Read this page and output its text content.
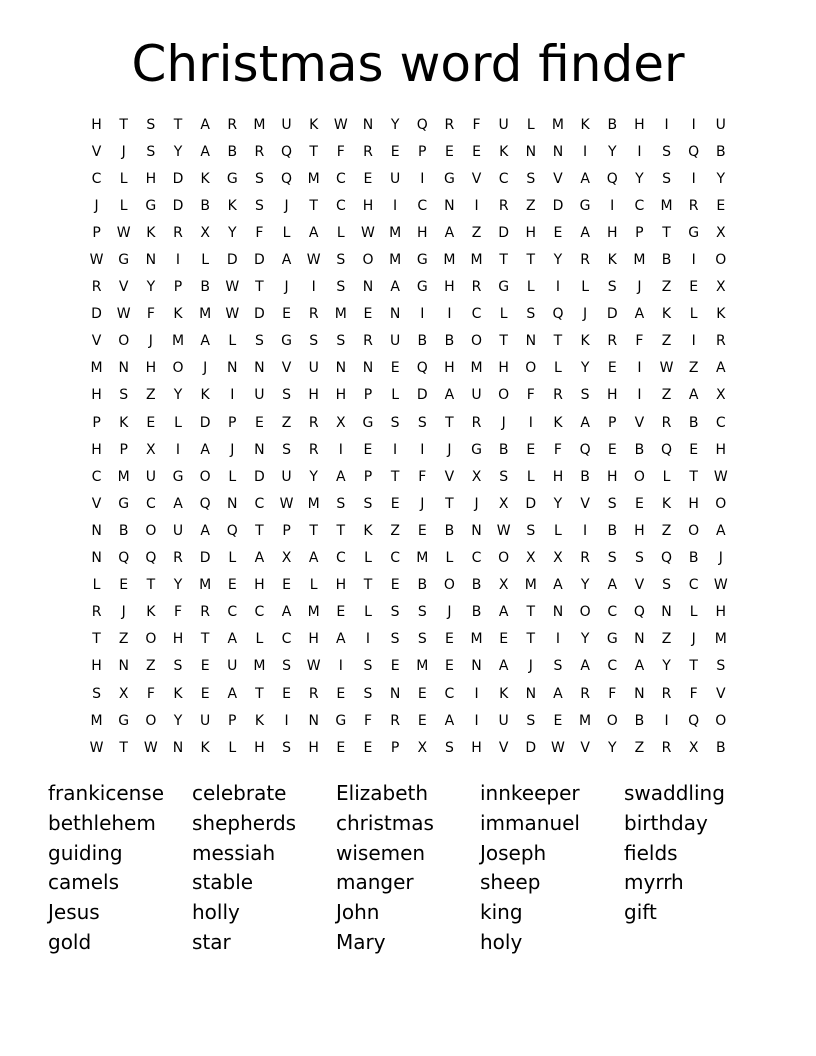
Christmas word finder
H	T	S	T	A	R	M	U	K	W	N	Y	Q	R	F	U	L	M	K	B	H	I	I	U
V	J	S	Y	A	B	R	Q	T	F	R	E	P	E	E	K	N	N	I	Y	I	S	Q	B
C	L	H	D	K	G	S	Q	M	C	E	U	I	G	V	C	S	V	A	Q	Y	S	I	Y
J	L	G	D	B	K	S	J	T	C	H	I	C	N	I	R	Z	D	G	I	C	M	R	E
P	W	K	R	X	Y	F	L	A	L	W	M	H	A	Z	D	H	E	A	H	P	T	G	X
W	G	N	I	L	D	D	A	W	S	O	M	G	M	M	T	T	Y	R	K	M	B	I	O
R	V	Y	P	B	W	T	J	I	S	N	A	G	H	R	G	L	I	L	S	J	Z	E	X
D	W	F	K	M	W	D	E	R	M	E	N	I	I	C	L	S	Q	J	D	A	K	L	K
V	O	J	M	A	L	S	G	S	S	R	U	B	B	O	T	N	T	K	R	F	Z	I	R
M	N	H	O	J	N	N	V	U	N	N	E	Q	H	M	H	O	L	Y	E	I	W	Z	A
H	S	Z	Y	K	I	U	S	H	H	P	L	D	A	U	O	F	R	S	H	I	Z	A	X
P	K	E	L	D	P	E	Z	R	X	G	S	S	T	R	J	I	K	A	P	V	R	B	C
H	P	X	I	A	J	N	S	R	I	E	I	I	J	G	B	E	F	Q	E	B	Q	E	H
C	M	U	G	O	L	D	U	Y	A	P	T	F	V	X	S	L	H	B	H	O	L	T	W
V	G	C	A	Q	N	C	W	M	S	S	E	J	T	J	X	D	Y	V	S	E	K	H	O
N	B	O	U	A	Q	T	P	T	T	K	Z	E	B	N	W	S	L	I	B	H	Z	O	A
N	Q	Q	R	D	L	A	X	A	C	L	C	M	L	C	O	X	X	R	S	S	Q	B	J
L	E	T	Y	M	E	H	E	L	H	T	E	B	O	B	X	M	A	Y	A	V	S	C	W
R	J	K	F	R	C	C	A	M	E	L	S	S	J	B	A	T	N	O	C	Q	N	L	H
T	Z	O	H	T	A	L	C	H	A	I	S	S	E	M	E	T	I	Y	G	N	Z	J	M
H	N	Z	S	E	U	M	S	W	I	S	E	M	E	N	A	J	S	A	C	A	Y	T	S
S	X	F	K	E	A	T	E	R	E	S	N	E	C	I	K	N	A	R	F	N	R	F	V
M	G	O	Y	U	P	K	I	N	G	F	R	E	A	I	U	S	E	M	O	B	I	Q	O
W	T	W	N	K	L	H	S	H	E	E	P	X	S	H	V	D	W	V	Y	Z	R	X	B
frankicense
bethlehem
guiding
camels
Jesus
gold
celebrate
shepherds
messiah
stable
holly
star
Elizabeth
christmas
wisemen
manger
John
Mary
innkeeper
immanuel
Joseph
sheep
king
holy
swaddling
birthday
fields
myrrh
gift
